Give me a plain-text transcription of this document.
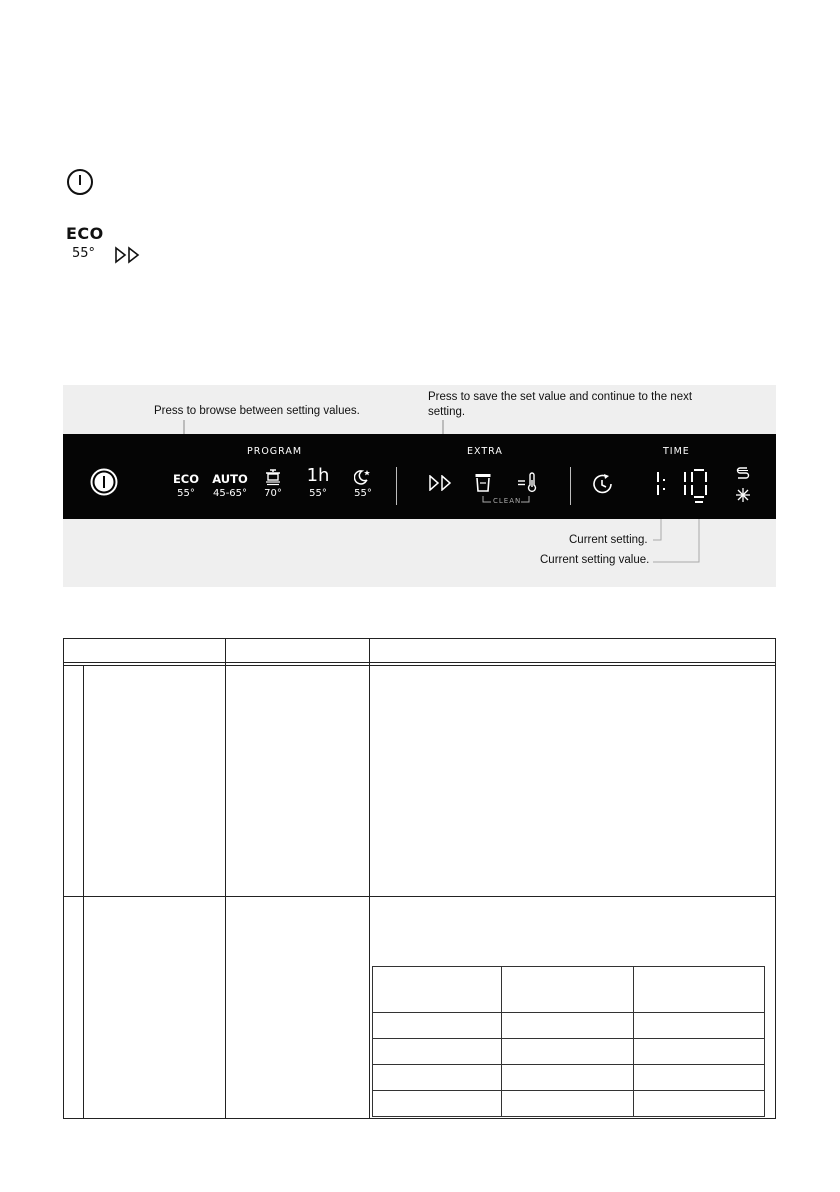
ECO
55°
Press to browse between setting values.
Press to save the set value and continue to the next setting.
PROGRAM	EXTRA	TIME
ECO
55°
AUTO
45-65°	70°
1h
55°	55°
CLEAN
Current setting.
Current setting value.
